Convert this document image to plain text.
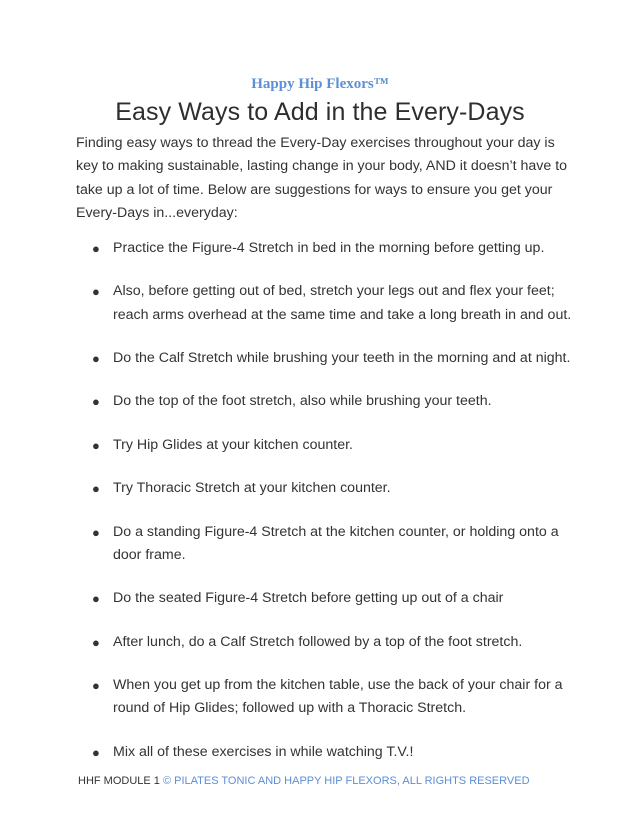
Happy Hip Flexors™
Easy Ways to Add in the Every-Days

Finding easy ways to thread the Every-Day exercises throughout your day is key to making sustainable, lasting change in your body, AND it doesn’t have to take up a lot of time. Below are suggestions for ways to ensure you get your Every-Days in...everyday:

● Practice the Figure-4 Stretch in bed in the morning before getting up.
● Also, before getting out of bed, stretch your legs out and flex your feet; reach arms overhead at the same time and take a long breath in and out.
● Do the Calf Stretch while brushing your teeth in the morning and at night.
● Do the top of the foot stretch, also while brushing your teeth.
● Try Hip Glides at your kitchen counter.
● Try Thoracic Stretch at your kitchen counter.
● Do a standing Figure-4 Stretch at the kitchen counter, or holding onto a door frame.
● Do the seated Figure-4 Stretch before getting up out of a chair
● After lunch, do a Calf Stretch followed by a top of the foot stretch.
● When you get up from the kitchen table, use the back of your chair for a round of Hip Glides; followed up with a Thoracic Stretch.
● Mix all of these exercises in while watching T.V.!
HHF MODULE 1 © PILATES TONIC AND HAPPY HIP FLEXORS, ALL RIGHTS RESERVED
